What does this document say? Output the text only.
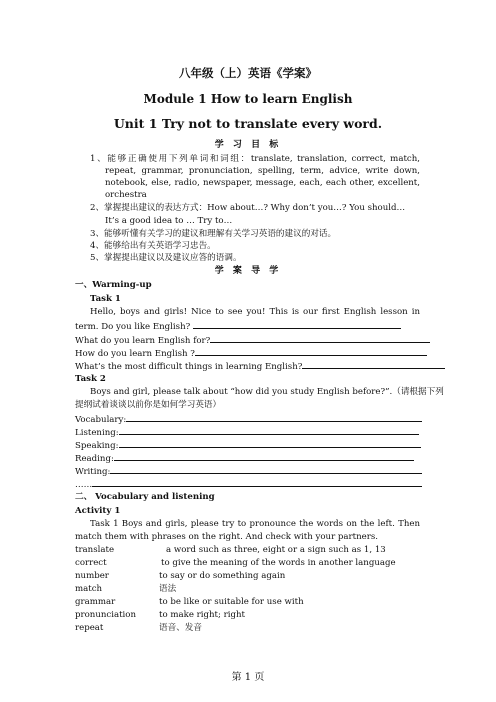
八年级（上）英语《学案》
Module 1 How to learn English
Unit 1 Try not to translate every word.
学 习 目 标
1、能够正确使用下列单词和词组：translate, translation, correct, match,
repeat, grammar, pronunciation, spelling, term, advice, write down,
notebook, else, radio, newspaper, message, each, each other, excellent,
orchestra
2、掌握提出建议的表达方式：How about…? Why don’t you…? You should…
It’s a good idea to … Try to…
3、能够听懂有关学习的建议和理解有关学习英语的建议的对话。
4、能够给出有关英语学习忠告。
5、掌握提出建议以及建议应答的语调。
学 案 导 学
一、Warming-up
Task 1
Hello, boys and girls! Nice to see you! This is our first English lesson in
term. Do you like English?
What do you learn English for?
How do you learn English ?
What’s the most difficult things in learning English?
Task 2
Boys and girl, please talk about “how did you study English before?”.（请根据下列
提纲试着谈谈以前你是如何学习英语）
Vocabulary:
Listening:
Speaking:
Reading:
Writing:
……
二、 Vocabulary and listening
Activity 1
Task 1 Boys and girls, please try to pronounce the words on the left. Then
match them with phrases on the right. And check with your partners.
translate	a word such as three, eight or a sign such as 1, 13
correct	to give the meaning of the words in another language
number	to say or do something again
match	语法
grammar	to be like or suitable for use with
pronunciation	to make right; right
repeat	语音、发音
第 1 页
